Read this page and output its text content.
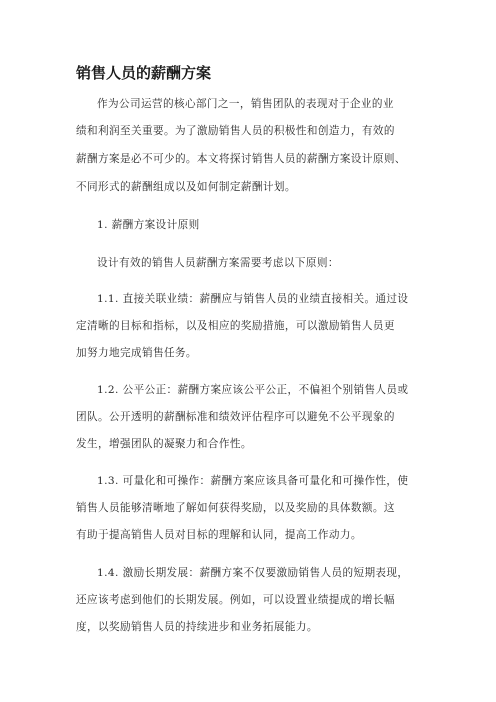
销售人员的薪酬方案
作为公司运营的核心部门之一，销售团队的表现对于企业的业
绩和利润至关重要。为了激励销售人员的积极性和创造力，有效的
薪酬方案是必不可少的。本文将探讨销售人员的薪酬方案设计原则、
不同形式的薪酬组成以及如何制定薪酬计划。
1. 薪酬方案设计原则
设计有效的销售人员薪酬方案需要考虑以下原则：
1.1. 直接关联业绩：薪酬应与销售人员的业绩直接相关。通过设
定清晰的目标和指标，以及相应的奖励措施，可以激励销售人员更
加努力地完成销售任务。
1.2. 公平公正：薪酬方案应该公平公正，不偏袒个别销售人员或
团队。公开透明的薪酬标准和绩效评估程序可以避免不公平现象的
发生，增强团队的凝聚力和合作性。
1.3. 可量化和可操作：薪酬方案应该具备可量化和可操作性，使
销售人员能够清晰地了解如何获得奖励，以及奖励的具体数额。这
有助于提高销售人员对目标的理解和认同，提高工作动力。
1.4. 激励长期发展：薪酬方案不仅要激励销售人员的短期表现，
还应该考虑到他们的长期发展。例如，可以设置业绩提成的增长幅
度，以奖励销售人员的持续进步和业务拓展能力。
